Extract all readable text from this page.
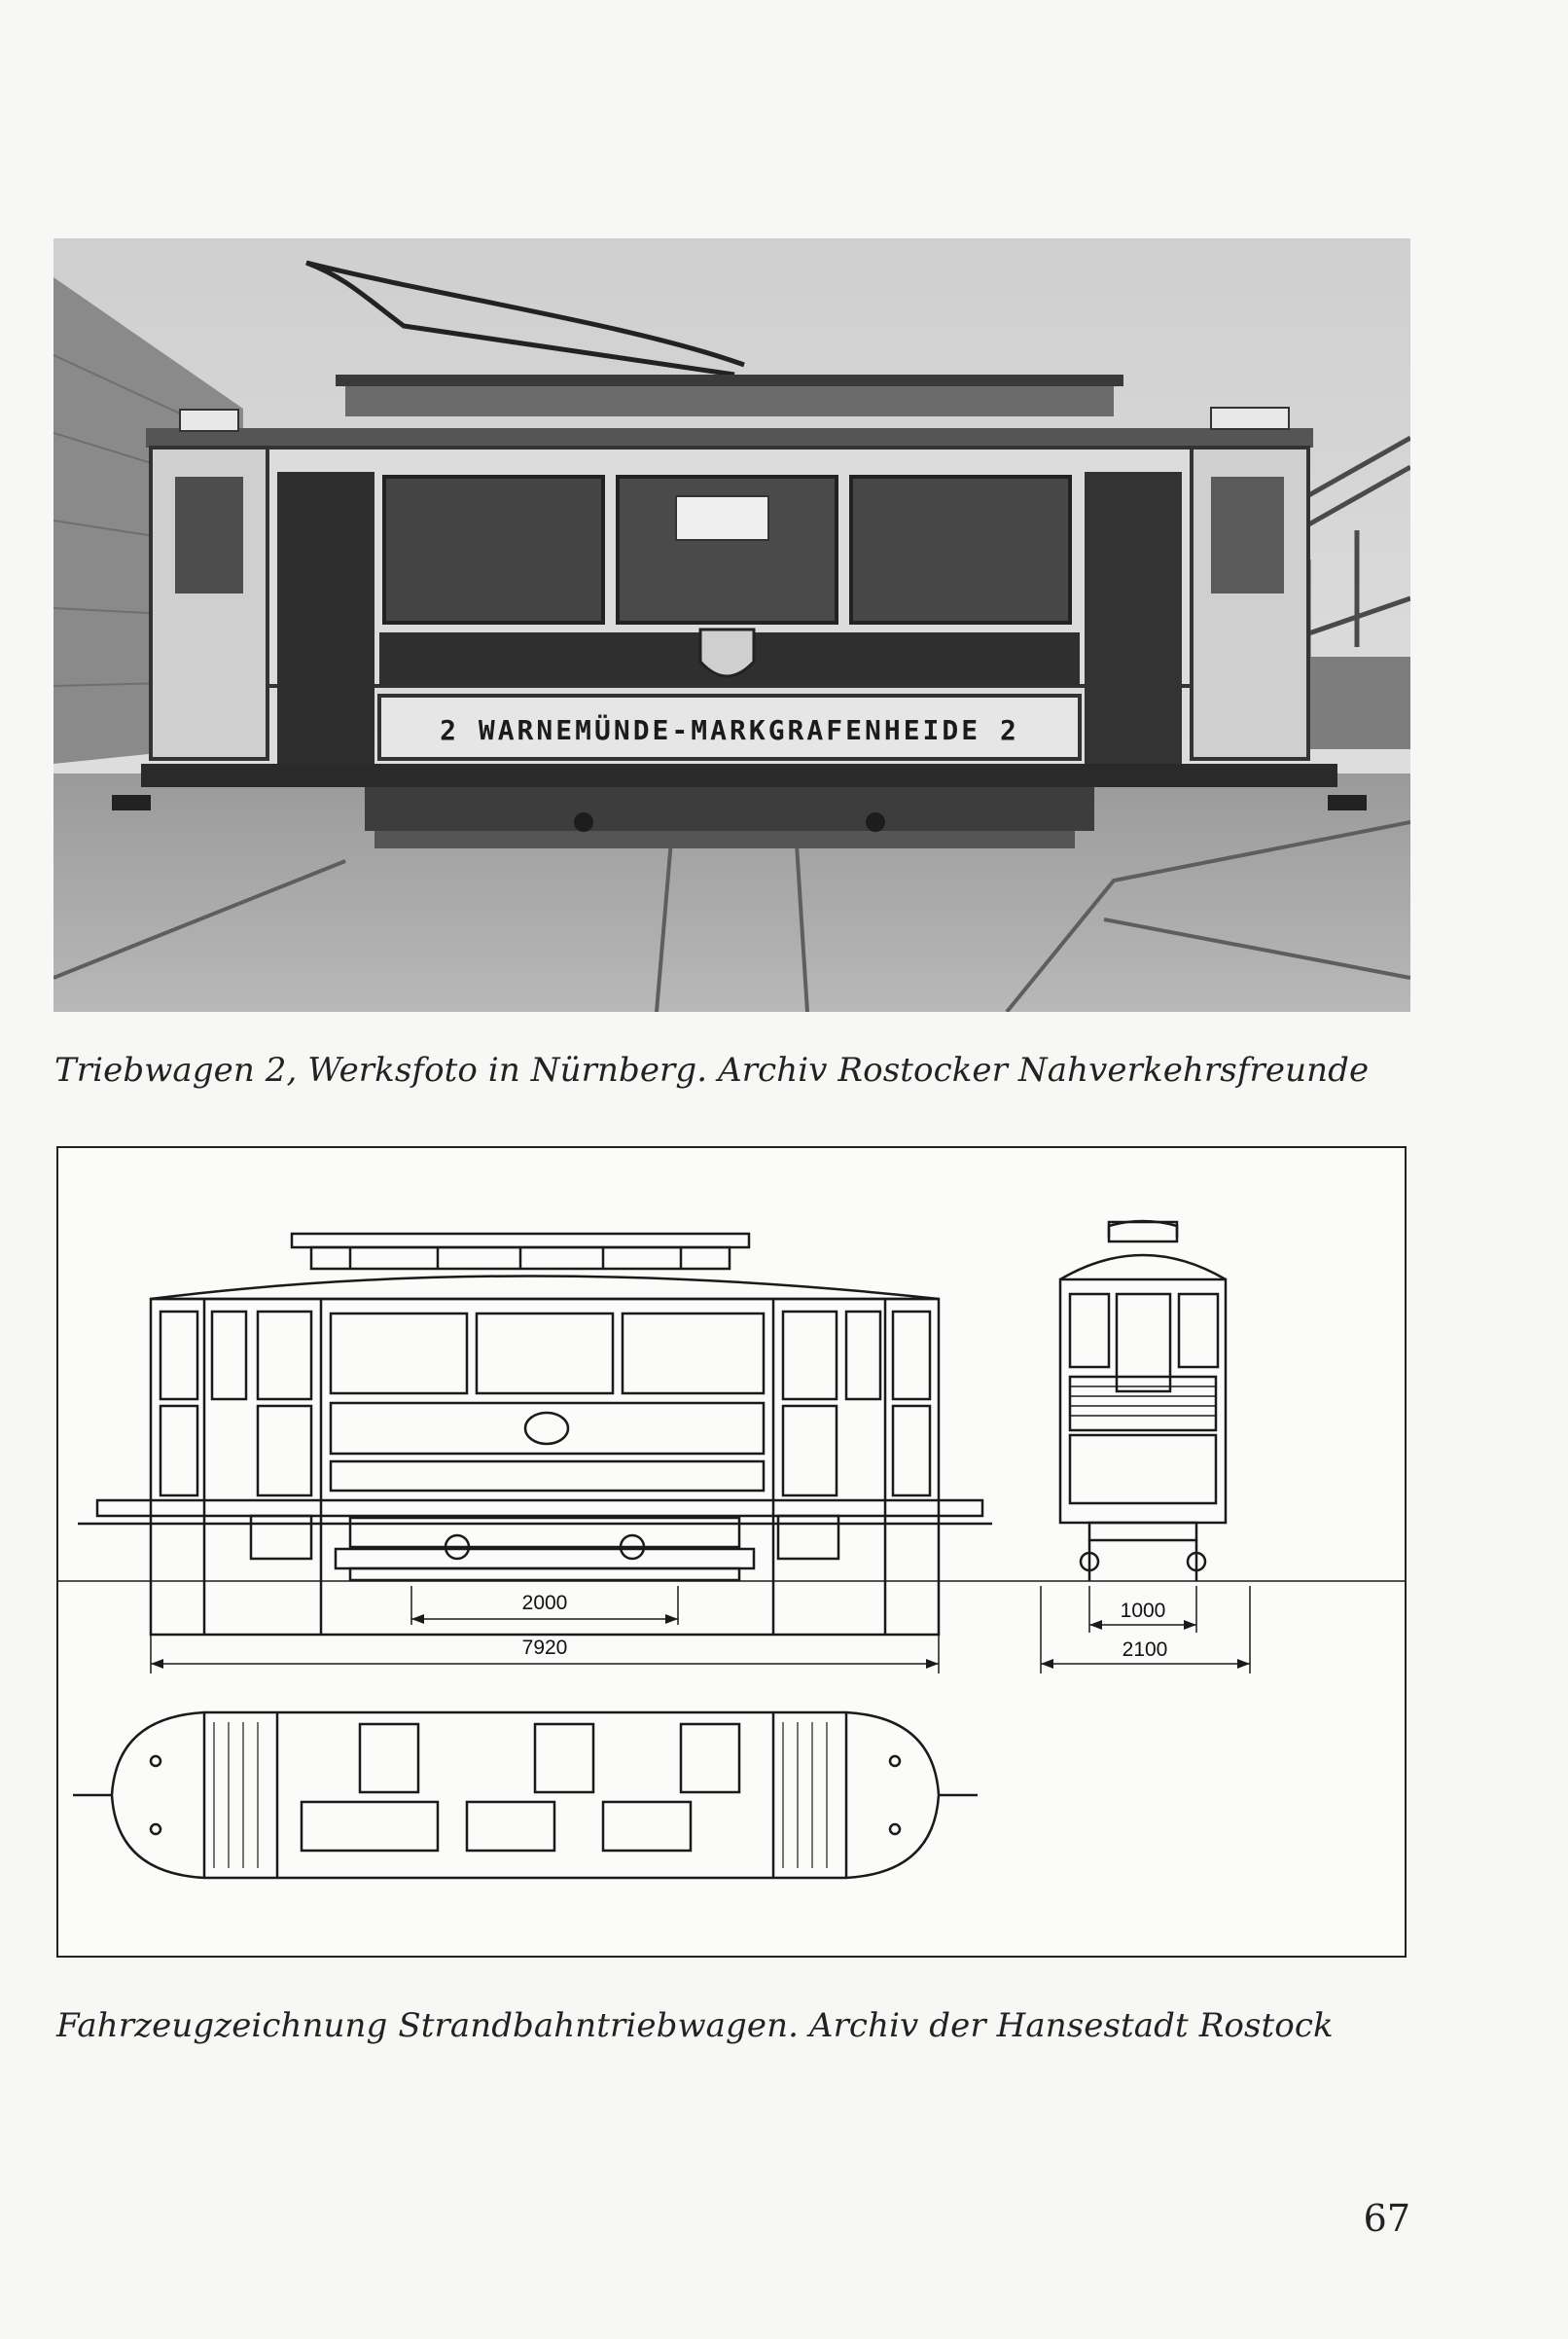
2 WARNEMÜNDE-MARKGRAFENHEIDE 2
Triebwagen 2, Werksfoto in Nürnberg. Archiv Rostocker Nahverkehrsfreunde
2000
7920
1000
2100
Fahrzeugzeichnung Strandbahntriebwagen. Archiv der Hansestadt Rostock
67
